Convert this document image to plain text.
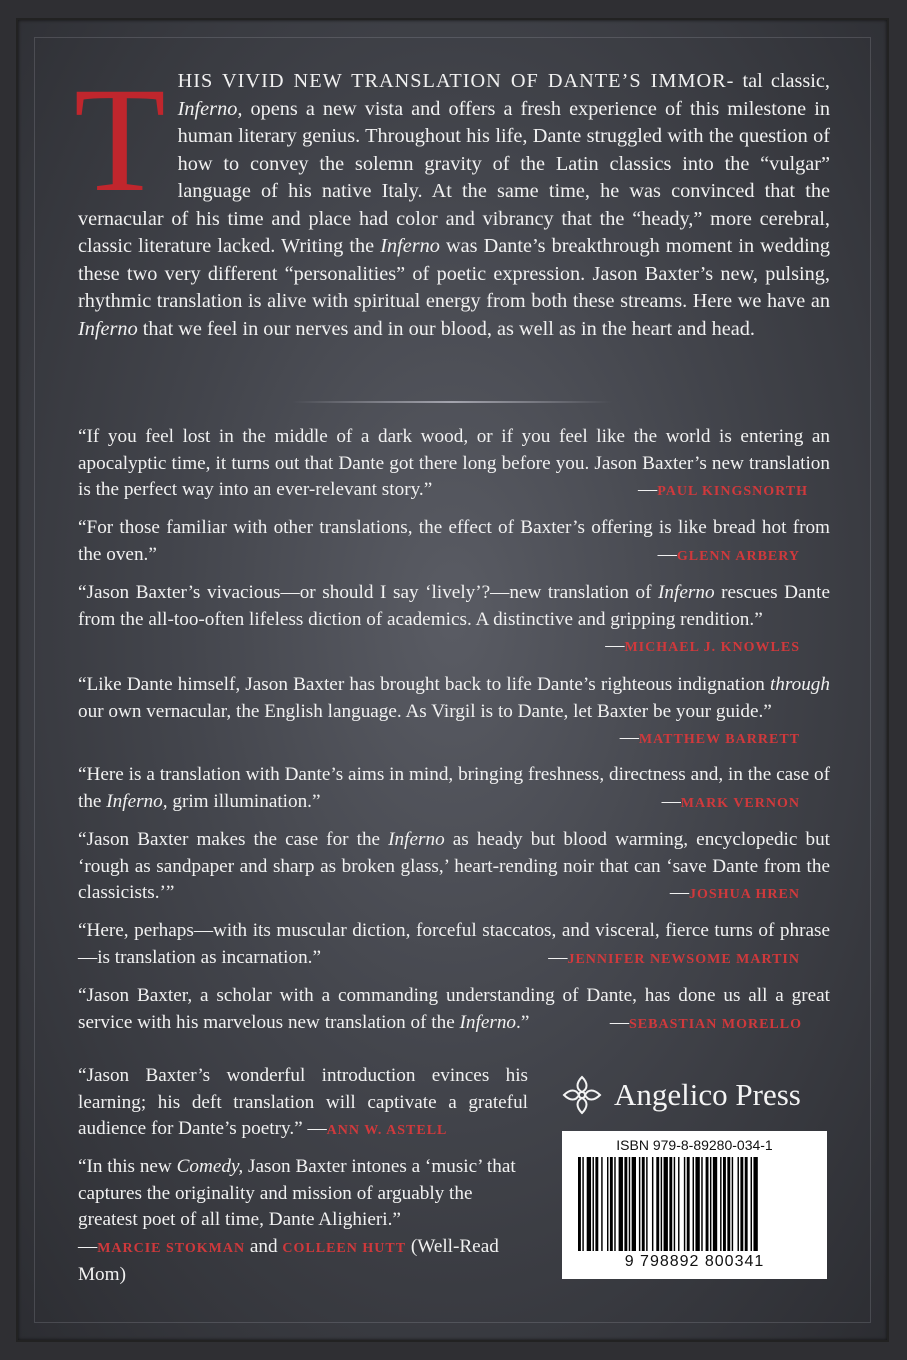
THIS VIVID NEW TRANSLATION OF DANTE’S IMMOR- tal classic, Inferno, opens a new vista and offers a fresh experience of this milestone in human literary genius. Throughout his life, Dante struggled with the question of how to convey the solemn gravity of the Latin classics into the “vulgar” language of his native Italy. At the same time, he was convinced that the vernacular of his time and place had color and vibrancy that the “heady,” more cerebral, classic literature lacked. Writing the Inferno was Dante’s breakthrough moment in wedding these two very different “personalities” of poetic expression. Jason Baxter’s new, pulsing, rhythmic translation is alive with spiritual energy from both these streams. Here we have an Inferno that we feel in our nerves and in our blood, as well as in the heart and head.

“If you feel lost in the middle of a dark wood, or if you feel like the world is entering an apocalyptic time, it turns out that Dante got there long before you. Jason Baxter’s new translation is the perfect way into an ever-relevant story.”	—PAUL KINGSNORTH

“For those familiar with other translations, the effect of Baxter’s offering is like bread hot from the oven.”	—GLENN ARBERY

“Jason Baxter’s vivacious—or should I say ‘lively’?—new translation of Inferno rescues Dante from the all-too-often lifeless diction of academics. A distinctive and gripping rendition.”
—MICHAEL J. KNOWLES

“Like Dante himself, Jason Baxter has brought back to life Dante’s righteous indignation through our own vernacular, the English language. As Virgil is to Dante, let Baxter be your guide.”
—MATTHEW BARRETT

“Here is a translation with Dante’s aims in mind, bringing freshness, directness and, in the case of the Inferno, grim illumination.”	—MARK VERNON

“Jason Baxter makes the case for the Inferno as heady but blood warming, encyclopedic but ‘rough as sandpaper and sharp as broken glass,’ heart-rending noir that can ‘save Dante from the classicists.’”	—JOSHUA HREN

“Here, perhaps—with its muscular diction, forceful staccatos, and visceral, fierce turns of phrase—is translation as incarnation.”	—JENNIFER NEWSOME MARTIN

“Jason Baxter, a scholar with a commanding understanding of Dante, has done us all a great service with his marvelous new translation of the Inferno.”	—SEBASTIAN MORELLO

“Jason Baxter’s wonderful introduction evinces his learning; his deft translation will captivate a grateful audience for Dante’s poetry.” —ANN W. ASTELL

“In this new Comedy, Jason Baxter intones a ‘music’ that captures the originality and mission of arguably the greatest poet of all time, Dante Alighieri.”
—MARCIE STOKMAN and COLLEEN HUTT (Well-Read Mom)

Angelico Press
ISBN 979-8-89280-034-1
9 798892 800341
